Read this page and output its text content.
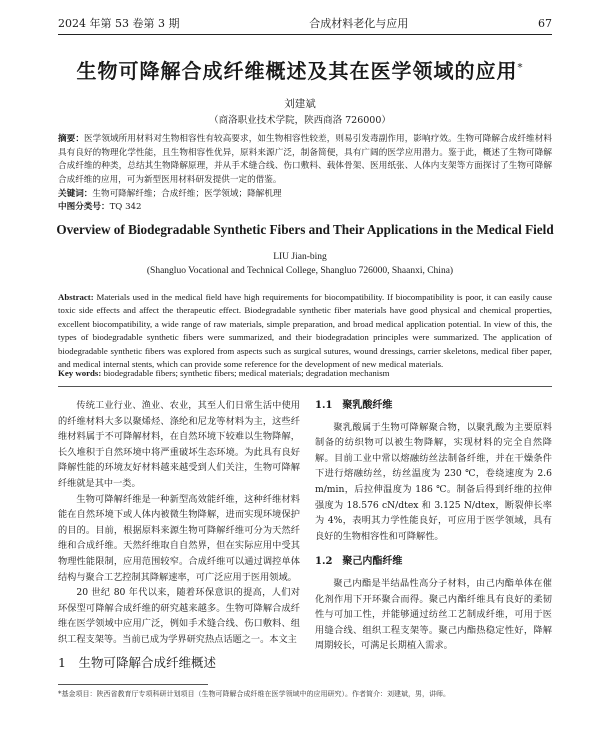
2024 年第 53 卷第 3 期	合成材料老化与应用	67
生物可降解合成纤维概述及其在医学领域的应用*
刘建斌
（商洛职业技术学院，陕西商洛 726000）
摘要：医学领域所用材料对生物相容性有较高要求，如生物相容性较差，则易引发毒副作用，影响疗效。生物可降解合成纤维材料具有良好的物理化学性能，且生物相容性优异，原料来源广泛，制备简便，具有广阔的医学应用潜力。鉴于此，概述了生物可降解合成纤维的种类，总结其生物降解原理，并从手术缝合线、伤口敷料、载体骨架、医用纸张、人体内支架等方面探讨了生物可降解合成纤维的应用，可为新型医用材料研发提供一定的借鉴。
关键词：生物可降解纤维；合成纤维；医学领域；降解机理
中图分类号：TQ 342
Overview of Biodegradable Synthetic Fibers and Their Applications in the Medical Field
LIU Jian-bing
(Shangluo Vocational and Technical College, Shangluo 726000, Shaanxi, China)
Abstract: Materials used in the medical field have high requirements for biocompatibility. If biocompatibility is poor, it can easily cause toxic side effects and affect the therapeutic effect. Biodegradable synthetic fiber materials have good physical and chemical properties, excellent biocompatibility, a wide range of raw materials, simple preparation, and broad medical application potential. In view of this, the types of biodegradable synthetic fibers were summarized, and their biodegradation principles were summarized. The application of biodegradable synthetic fibers was explored from aspects such as surgical sutures, wound dressings, carrier skeletons, medical fiber paper, and medical internal stents, which can provide some reference for the development of new medical materials.
Key words: biodegradable fibers; synthetic fibers; medical materials; degradation mechanism

传统工业行业、渔业、农业，其至人们日常生活中使用的纤维材料大多以聚烯烃、涤纶和尼龙等材料为主，这些纤维材料属于不可降解材料，在自然环境下较难以生物降解，长久堆积于自然环境中将严重破坏生态环境。为此具有良好降解性能的环境友好材料越来越受到人们关注，生物可降解纤维就是其中一类。

生物可降解纤维是一种新型高效能纤维，这种纤维材料能在自然环境下或人体内被微生物降解，进而实现环境保护的目的。目前，根据原料来源生物可降解纤维可分为天然纤维和合成纤维。天然纤维取自自然界，但在实际应用中受其物理性能限制，应用范围较窄。合成纤维可以通过调控单体结构与聚合工艺控制其降解速率，可广泛应用于医用领域。

20 世纪 80 年代以来，随着环保意识的提高，人们对环保型可降解合成纤维的研究越来越多。生物可降解合成纤维在医学领域中应用广泛，例如手术缝合线、伤口敷料、组织工程支架等。当前已成为学界研究热点话题之一。本文主

1　生物可降解合成纤维概述
1.1　聚乳酸纤维

聚乳酸属于生物可降解聚合物，以聚乳酸为主要原料制备的纺织物可以被生物降解，实现材料的完全自然降解。目前工业中常以熔融纺丝法制备纤维，并在干燥条件下进行熔融纺丝，纺丝温度为 230 ℃，卷绕速度为 2.6 m/min，后拉伸温度为 186 ℃。制备后得到纤维的拉伸强度为 18.576 cN/dtex 和 3.125 N/dtex，断裂伸长率为 4%，表明其力学性能良好，可应用于医学领域，具有良好的生物相容性和可降解性。

1.2　聚己内酯纤维

聚己内酯是半结晶性高分子材料，由己内酯单体在催化剂作用下开环聚合而得。聚己内酯纤维具有良好的柔韧性与可加工性，并能够通过纺丝工艺制成纤维，可用于医用缝合线、组织工程支架等。聚己内酯热稳定性好，降解周期较长，可满足长期植入需求。

*基金项目：陕西省教育厅专项科研计划项目（生物可降解合成纤维在医学领域中的应用研究）。作者简介：刘建斌，男，讲师。
